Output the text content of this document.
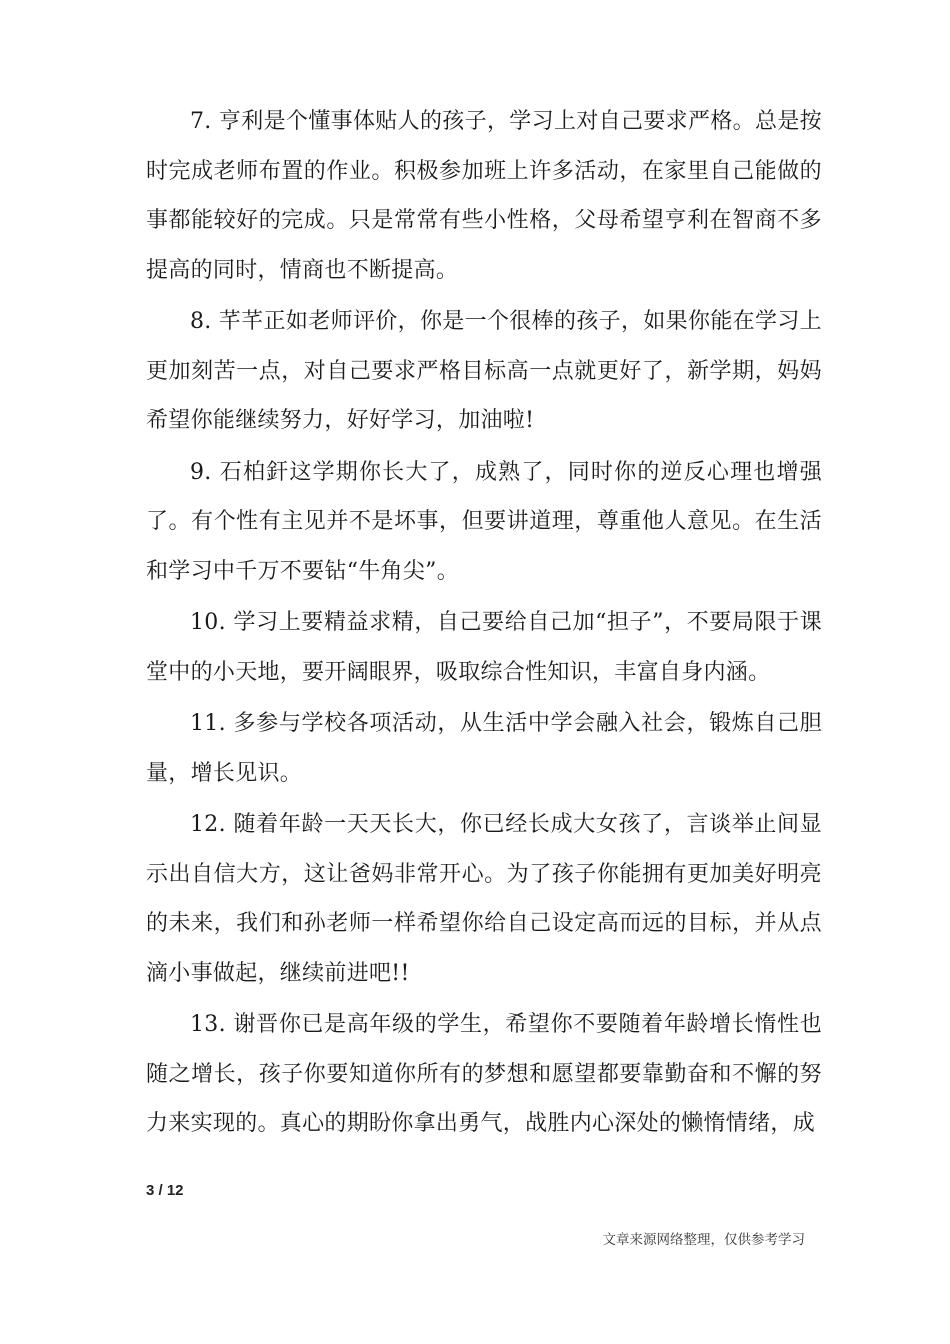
7. 亨利是个懂事体贴人的孩子，学习上对自己要求严格。总是按时完成老师布置的作业。积极参加班上许多活动，在家里自己能做的事都能较好的完成。只是常常有些小性格，父母希望亨利在智商不多提高的同时，情商也不断提高。

8. 芊芊正如老师评价，你是一个很棒的孩子，如果你能在学习上更加刻苦一点，对自己要求严格目标高一点就更好了，新学期，妈妈希望你能继续努力，好好学习，加油啦!

9. 石柏釬这学期你长大了，成熟了，同时你的逆反心理也增强了。有个性有主见并不是坏事，但要讲道理，尊重他人意见。在生活和学习中千万不要钻“牛角尖”。

10. 学习上要精益求精，自己要给自己加“担子”，不要局限于课堂中的小天地，要开阔眼界，吸取综合性知识，丰富自身内涵。

11. 多参与学校各项活动，从生活中学会融入社会，锻炼自己胆量，增长见识。

12. 随着年龄一天天长大，你已经长成大女孩了，言谈举止间显示出自信大方，这让爸妈非常开心。为了孩子你能拥有更加美好明亮的未来，我们和孙老师一样希望你给自己设定高而远的目标，并从点滴小事做起，继续前进吧!!

13. 谢晋你已是高年级的学生，希望你不要随着年龄增长惰性也随之增长，孩子你要知道你所有的梦想和愿望都要靠勤奋和不懈的努力来实现的。真心的期盼你拿出勇气，战胜内心深处的懒惰情绪，成

3 / 12
文章来源网络整理，仅供参考学习
